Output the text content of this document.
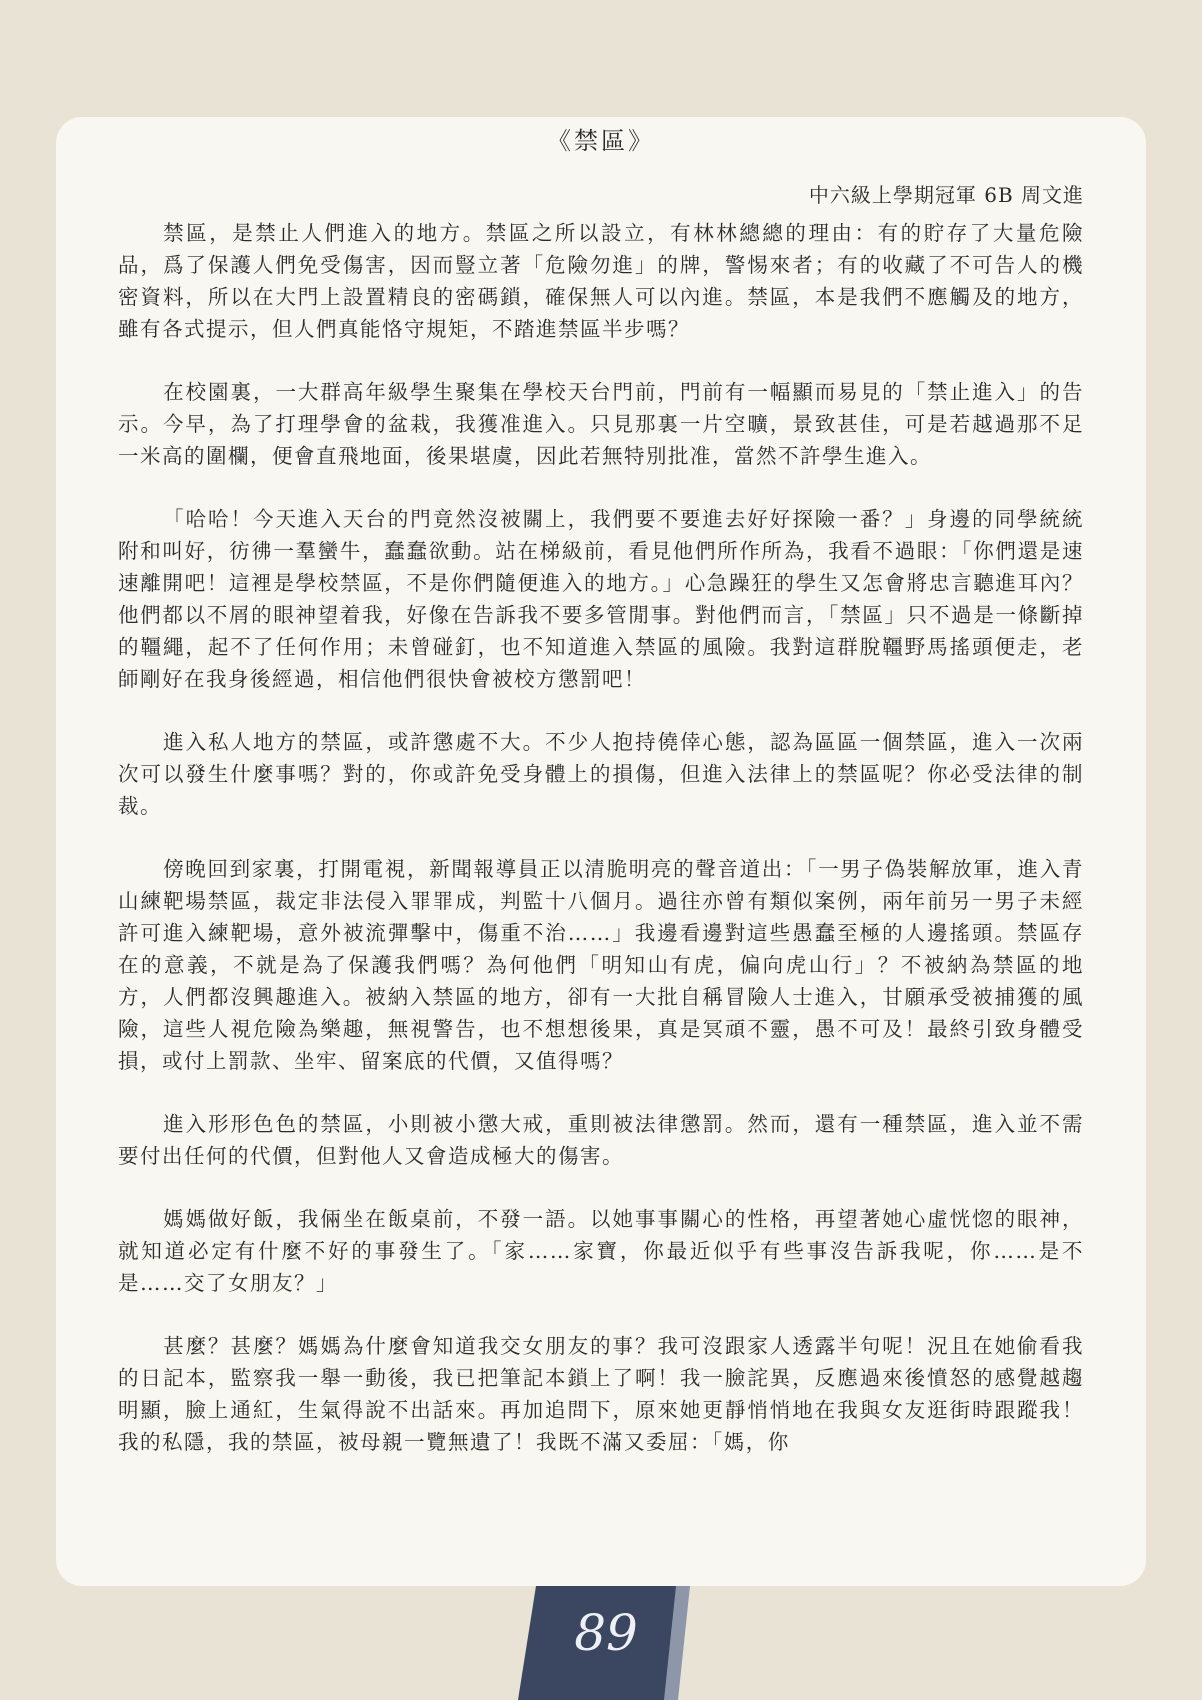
《禁區》
中六級上學期冠軍 6B 周文進

禁區，是禁止人們進入的地方。禁區之所以設立，有林林總總的理由：有的貯存了大量危險品，爲了保護人們免受傷害，因而豎立著「危險勿進」的牌，警惕來者；有的收藏了不可告人的機密資料，所以在大門上設置精良的密碼鎖，確保無人可以內進。禁區，本是我們不應觸及的地方，雖有各式提示，但人們真能恪守規矩，不踏進禁區半步嗎？

在校園裏，一大群高年級學生聚集在學校天台門前，門前有一幅顯而易見的「禁止進入」的告示。今早，為了打理學會的盆栽，我獲准進入。只見那裏一片空曠，景致甚佳，可是若越過那不足一米高的圍欄，便會直飛地面，後果堪虞，因此若無特別批准，當然不許學生進入。

「哈哈！今天進入天台的門竟然沒被關上，我們要不要進去好好探險一番？」身邊的同學統統附和叫好，彷彿一羣蠻牛，蠢蠢欲動。站在梯級前，看見他們所作所為，我看不過眼：「你們還是速速離開吧！這裡是學校禁區，不是你們隨便進入的地方。」心急躁狂的學生又怎會將忠言聽進耳內？他們都以不屑的眼神望着我，好像在告訴我不要多管閒事。對他們而言，「禁區」只不過是一條斷掉的韁繩，起不了任何作用；未曾碰釘，也不知道進入禁區的風險。我對這群脫韁野馬搖頭便走，老師剛好在我身後經過，相信他們很快會被校方懲罰吧！

進入私人地方的禁區，或許懲處不大。不少人抱持僥倖心態，認為區區一個禁區，進入一次兩次可以發生什麼事嗎？對的，你或許免受身體上的損傷，但進入法律上的禁區呢？你必受法律的制裁。

傍晚回到家裏，打開電視，新聞報導員正以清脆明亮的聲音道出：「一男子偽裝解放軍，進入青山練靶場禁區，裁定非法侵入罪罪成，判監十八個月。過往亦曾有類似案例，兩年前另一男子未經許可進入練靶場，意外被流彈擊中，傷重不治……」我邊看邊對這些愚蠢至極的人邊搖頭。禁區存在的意義，不就是為了保護我們嗎？為何他們「明知山有虎，偏向虎山行」？不被納為禁區的地方，人們都沒興趣進入。被納入禁區的地方，卻有一大批自稱冒險人士進入，甘願承受被捕獲的風險，這些人視危險為樂趣，無視警告，也不想想後果，真是冥頑不靈，愚不可及！最終引致身體受損，或付上罰款、坐牢、留案底的代價，又值得嗎？

進入形形色色的禁區，小則被小懲大戒，重則被法律懲罰。然而，還有一種禁區，進入並不需要付出任何的代價，但對他人又會造成極大的傷害。

媽媽做好飯，我倆坐在飯桌前，不發一語。以她事事關心的性格，再望著她心虛恍惚的眼神，就知道必定有什麼不好的事發生了。「家……家寶，你最近似乎有些事沒告訴我呢，你……是不是……交了女朋友？」

甚麼？甚麼？媽媽為什麼會知道我交女朋友的事？我可沒跟家人透露半句呢！況且在她偷看我的日記本，監察我一舉一動後，我已把筆記本鎖上了啊！我一臉詫異，反應過來後憤怒的感覺越趨明顯，臉上通紅，生氣得說不出話來。再加追問下，原來她更靜悄悄地在我與女友逛街時跟蹤我！我的私隱，我的禁區，被母親一覽無遺了！我既不滿又委屈：「媽，你

89
